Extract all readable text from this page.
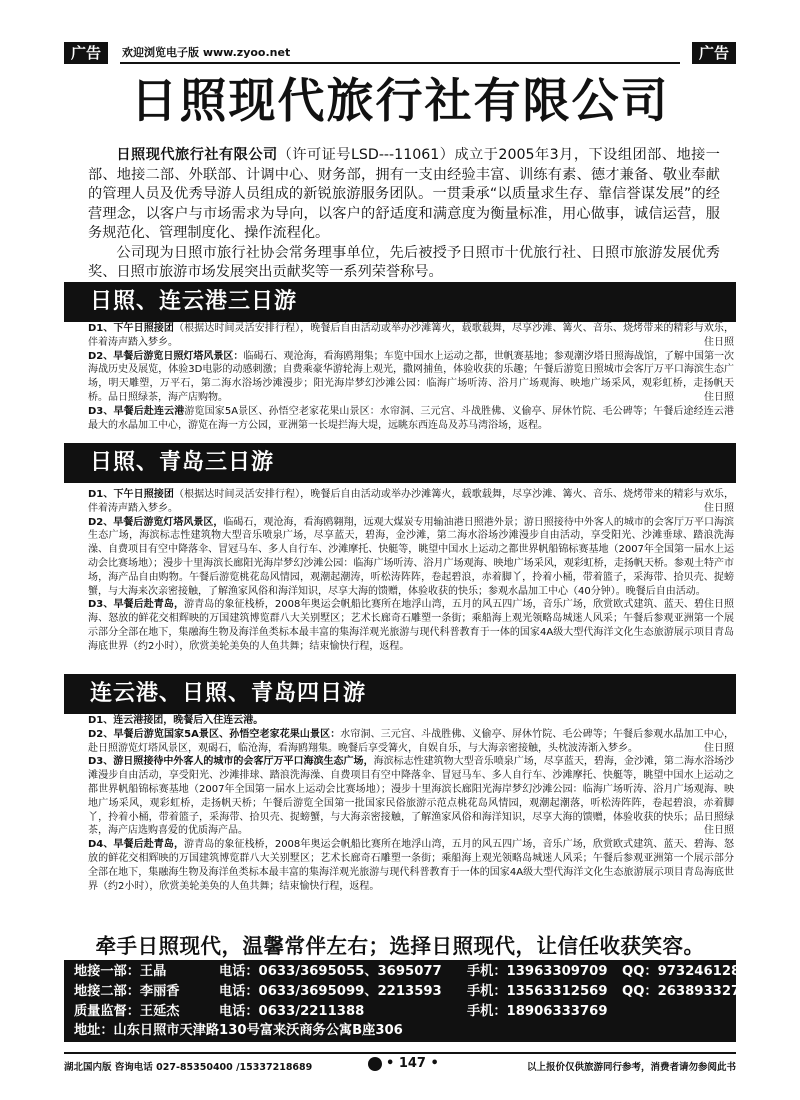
广告	欢迎浏览电子版 www.zyoo.net	广告
日照现代旅行社有限公司

日照现代旅行社有限公司（许可证号LSD---11061）成立于2005年3月，下设组团部、地接一部、地接二部、外联部、计调中心、财务部，拥有一支由经验丰富、训练有素、德才兼备、敬业奉献的管理人员及优秀导游人员组成的新锐旅游服务团队。一贯秉承“以质量求生存、靠信誉谋发展”的经营理念，以客户与市场需求为导向，以客户的舒适度和满意度为衡量标准，用心做事，诚信运营，服务规范化、管理制度化、操作流程化。

公司现为日照市旅行社协会常务理事单位，先后被授予日照市十优旅行社、日照市旅游发展优秀奖、日照市旅游市场发展突出贡献奖等一系列荣誉称号。

日照、连云港三日游

D1、下午日照接团（根据达时间灵活安排行程），晚餐后自由活动或举办沙滩篝火，载歌载舞，尽享沙滩、篝火、音乐、烧烤带来的精彩与欢乐，伴着涛声踏入梦乡。	住日照

D2、早餐后游览日照灯塔风景区：临碣石、观沧海，看海鸥翔集；车览中国水上运动之都，世帆赛基地；参观潮汐塔日照海战馆，了解中国第一次海战历史及展览，体验3D电影的动感刺激；自费乘豪华游轮海上观光，撒网捕鱼，体验收获的乐趣；午餐后游览日照城市会客厅万平口海滨生态广场，明天雕塑，万平石，第二海水浴场沙滩漫步；阳光海岸梦幻沙滩公园：临海广场听涛、浴月广场观海、映地广场采风，观彩虹桥，走扬帆天桥。品日照绿茶，海产店购物。	住日照

D3、早餐后赴连云港游览国家5A景区、孙悟空老家花果山景区：水帘洞、三元宫、斗战胜佛、义偷亭、屏休竹院、毛公碑等；午餐后途经连云港最大的水晶加工中心，游览在海一方公园，亚洲第一长堤拦海大堤，远眺东西连岛及苏马湾浴场，返程。

日照、青岛三日游

D1、下午日照接团（根据达时间灵活安排行程），晚餐后自由活动或举办沙滩篝火，载歌载舞，尽享沙滩、篝火、音乐、烧烤带来的精彩与欢乐，伴着涛声踏入梦乡。	住日照

D2、早餐后游览灯塔风景区，临碣石，观沧海，看海鸥翱翔，远观大煤炭专用输油港日照港外景；游日照接待中外客人的城市的会客厅万平口海滨生态广场，海滨标志性建筑物大型音乐喷泉广场，尽享蓝天，碧海，金沙滩，第二海水浴场沙滩漫步自由活动，享受阳光、沙滩垂球、踏浪洗海澡、自费项目有空中降落伞、冒冠马车、多人自行车、沙滩摩托、快艇等，眺望中国水上运动之都世界帆船锦标赛基地（2007年全国第一届水上运动会比赛场地）；漫步十里海滨长廊阳光海岸梦幻沙滩公园：临海广场听涛、浴月广场观海、映地广场采风，观彩虹桥，走扬帆天桥。参观土特产市场，海产品自由购物。午餐后游览桃花岛风情园，观潮起潮涛，听松涛阵阵，卷起碧浪，赤着脚丫，拎着小桶，带着篮子，采海带、拾贝壳、捉螃蟹，与大海来次亲密接触，了解渔家风俗和海洋知识，尽享大海的馈赠，体验收获的快乐；参观水晶加工中心（40分钟）。晚餐后自由活动。
住日照

D3、早餐后赴青岛，游青岛的象征栈桥，2008年奥运会帆船比赛所在地浮山湾，五月的风五四广场，音乐广场，欣赏欧式建筑、蓝天、碧海、怒放的鲜花交相辉映的万国建筑博览群八大关别墅区；艺术长廊奇石雕塑一条街；乘船海上观光领略岛城迷人风采；午餐后参观亚洲第一个展示部分全部在地下，集融海生物及海洋鱼类标本最丰富的集海洋观光旅游与现代科普教育于一体的国家4A级大型代海洋文化生态旅游展示项目青岛海底世界（约2小时），欣赏美轮美奂的人鱼共舞；结束愉快行程，返程。

连云港、日照、青岛四日游

D1、连云港接团，晚餐后入住连云港。

D2、早餐后游览国家5A景区、孙悟空老家花果山景区：水帘洞、三元宫、斗战胜佛、义偷亭、屏休竹院、毛公碑等；午餐后参观水晶加工中心，赴日照游览灯塔风景区，观碣石，临沧海，看海鸥翔集。晚餐后享受篝火，自娱自乐，与大海亲密接触，头枕波涛渐入梦乡。	住日照

D3、游日照接待中外客人的城市的会客厅万平口海滨生态广场，海滨标志性建筑物大型音乐喷泉广场，尽享蓝天，碧海，金沙滩，第二海水浴场沙滩漫步自由活动，享受阳光、沙滩排球、踏浪洗海澡、自费项目有空中降落伞、冒冠马车、多人自行车、沙滩摩托、快艇等，眺望中国水上运动之都世界帆船锦标赛基地（2007年全国第一届水上运动会比赛场地）；漫步十里海滨长廊阳光海岸梦幻沙滩公园：临海广场听涛、浴月广场观海、映地广场采风，观彩虹桥，走扬帆天桥；午餐后游览全国第一批国家民俗旅游示范点桃花岛风情园，观潮起潮落，听松涛阵阵，卷起碧浪，赤着脚丫，拎着小桶，带着篮子，采海带、拾贝壳、捉螃蟹，与大海亲密接触，了解渔家风俗和海洋知识，尽享大海的馈赠，体验收获的快乐；品日照绿茶，海产店选购喜爱的优质海产品。	住日照

D4、早餐后赴青岛，游青岛的象征栈桥，2008年奥运会帆船比赛所在地浮山湾，五月的风五四广场，音乐广场，欣赏欧式建筑、蓝天、碧海、怒放的鲜花交相辉映的万国建筑博览群八大关别墅区；艺术长廊奇石雕塑一条街；乘船海上观光领略岛城迷人风采；午餐后参观亚洲第一个展示部分全部在地下，集融海生物及海洋鱼类标本最丰富的集海洋观光旅游与现代科普教育于一体的国家4A级大型代海洋文化生态旅游展示项目青岛海底世界（约2小时），欣赏美轮美奂的人鱼共舞；结束愉快行程，返程。

牵手日照现代，温馨常伴左右；选择日照现代，让信任收获笑容。
地接一部：王晶	电话：0633/3695055、3695077 手机：13963309709 QQ：973246128
地接二部：李丽香	电话：0633/3695099、2213593 手机：13563312569 QQ：2638933276
质量监督：王延杰	电话：0633/2211388	手机：18906333769
地址：山东日照市天津路130号富来沃商务公寓B座306
湖北国内版 咨询电话 027-85350400 /15337218689	• 147 •	以上报价仅供旅游同行参考，消费者请勿参阅此书
